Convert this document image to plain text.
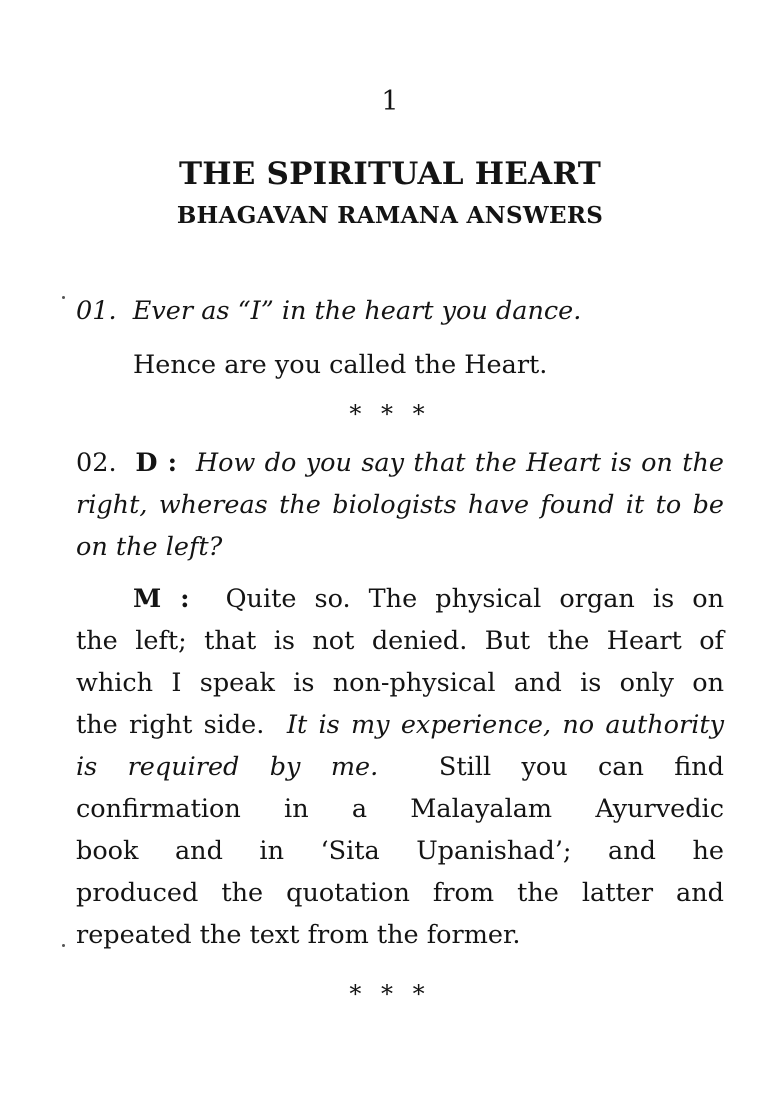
1
THE SPIRITUAL HEART
BHAGAVAN RAMANA ANSWERS
01. Ever as “I” in the heart you dance.
Hence are you called the Heart.
* * *
02. D : How do you say that the Heart is on the
right, whereas the biologists have found it to be
on the left?
M : Quite so. The physical organ is on
the left; that is not denied. But the Heart of
which I speak is non-physical and is only on
the right side. It is my experience, no authority
is required by me. Still you can find
confirmation in a Malayalam Ayurvedic
book and in ‘Sita Upanishad’; and he
produced the quotation from the latter and
repeated the text from the former.
* * *
